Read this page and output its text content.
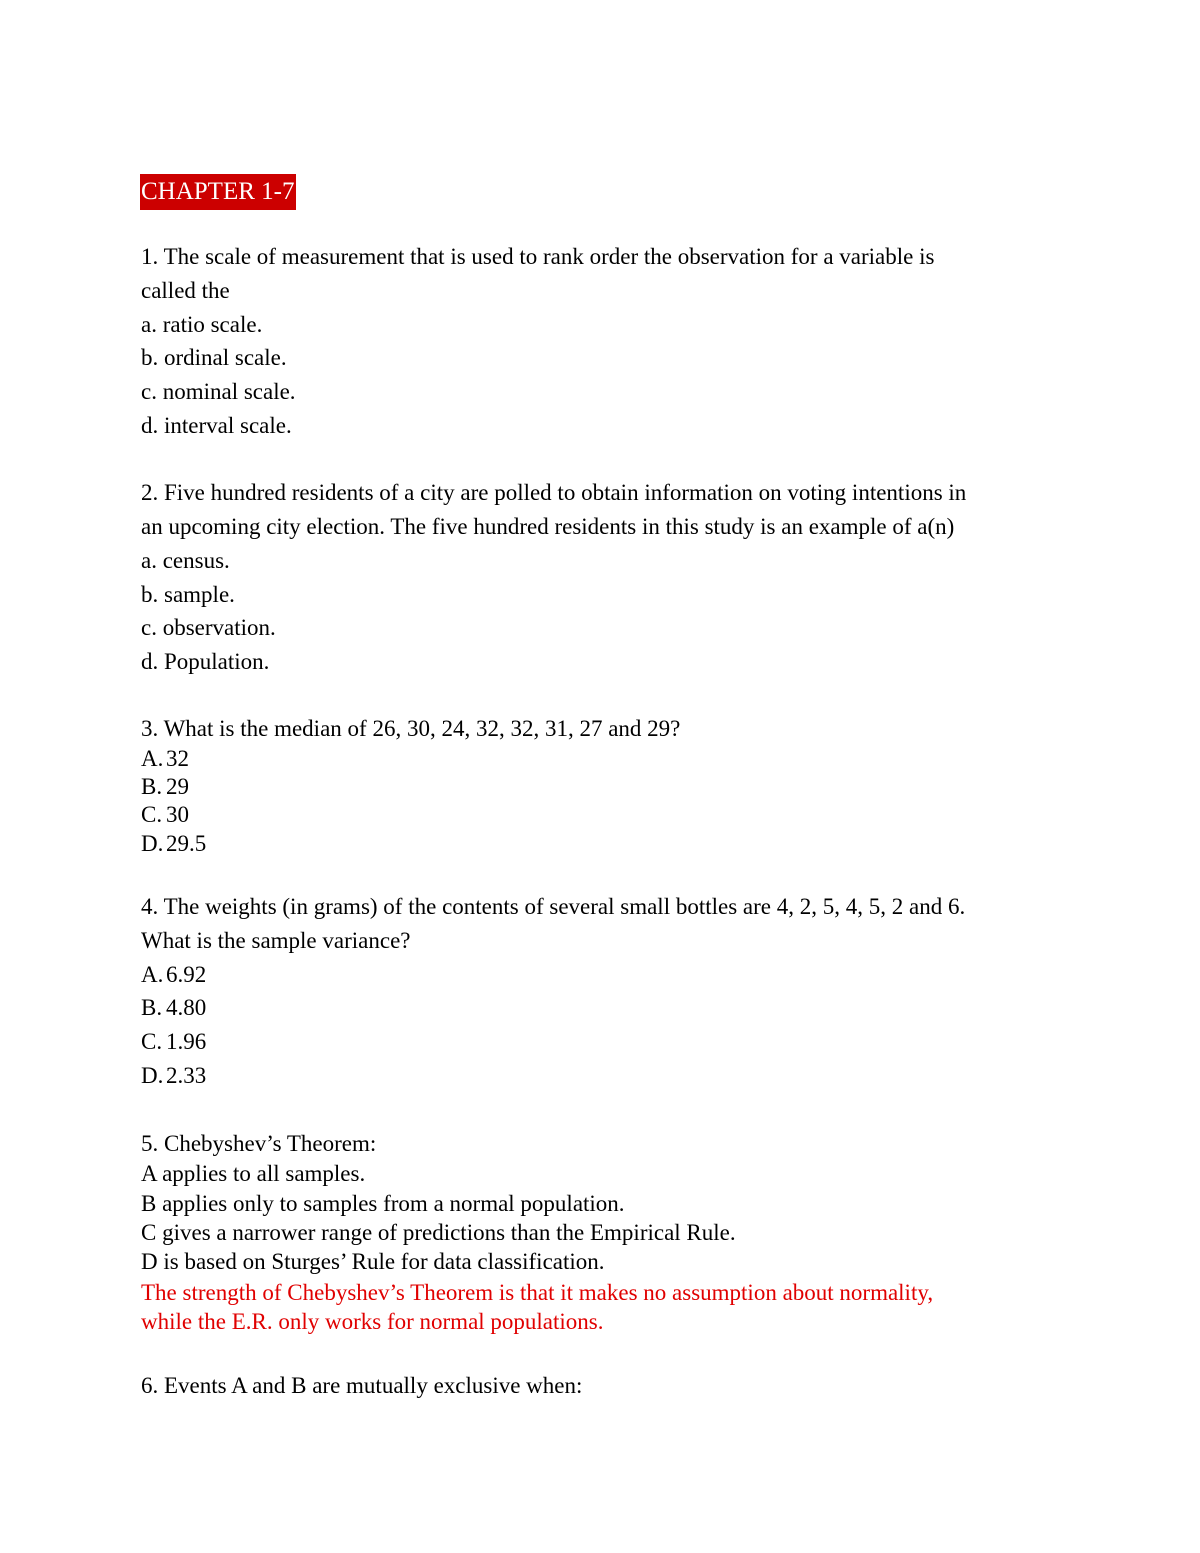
CHAPTER 1-7
1. The scale of measurement that is used to rank order the observation for a variable is
called the
a. ratio scale.
b. ordinal scale.
c. nominal scale.
d. interval scale.
2. Five hundred residents of a city are polled to obtain information on voting intentions in
an upcoming city election. The five hundred residents in this study is an example of a(n)
a. census.
b. sample.
c. observation.
d. Population.
3. What is the median of 26, 30, 24, 32, 32, 31, 27 and 29?
A. 32
B. 29
C. 30
D. 29.5
4. The weights (in grams) of the contents of several small bottles are 4, 2, 5, 4, 5, 2 and 6.
What is the sample variance?
A. 6.92
B. 4.80
C. 1.96
D. 2.33
5. Chebyshev’s Theorem:
A applies to all samples.
B applies only to samples from a normal population.
C gives a narrower range of predictions than the Empirical Rule.
D is based on Sturges’ Rule for data classification.
The strength of Chebyshev’s Theorem is that it makes no assumption about normality,
while the E.R. only works for normal populations.
6. Events A and B are mutually exclusive when:
